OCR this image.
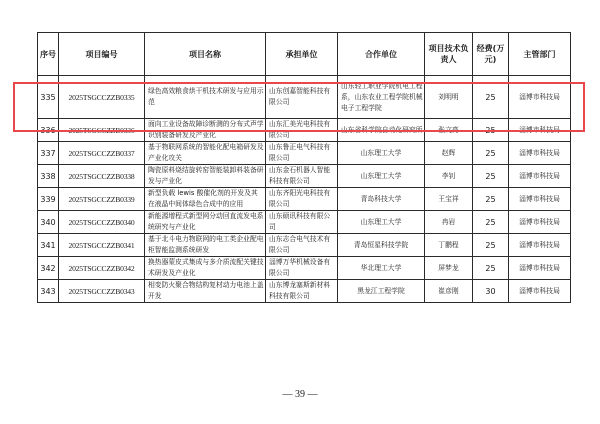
序号	项目编号	项目名称	承担单位	合作单位	项目技术负责人	经费(万元)	主管部门
335	2025TSGCCZZB0335	绿色高效粮食烘干机技术研发与应用示范	山东创嘉智能科技有限公司	山东轻工职业学院机电工程系，山东农业工程学院机械电子工程学院	刘明明	25	淄博市科技局
336	2025TSGCCZZB0336	面向工业设备故障诊断测的分布式声学识别装备研发及产业化	山东汇美光电科技有限公司	山东省科学院自动化研究所	张文亮	25	淄博市科技局
337	2025TSGCCZZB0337	基于物联网系统的智能化配电箱研发及产业化攻关	山东鲁正电气科技有限公司	山东理工大学	赵辉	25	淄博市科技局
338	2025TSGCCZZB0338	陶瓷原料烧结旋转窑智能装卸料装备研发与产业化	山东金石机器人智能科技有限公司	山东理工大学	李钊	25	淄博市科技局
339	2025TSGCCZZB0339	新型负载 lewis 酸催化剂的开发及其在液晶中间体绿色合成中的应用	山东齐阳光电科技有限公司	青岛科技大学	王宝祥	25	淄博市科技局
340	2025TSGCCZZB0340	新能源增程式新型网分动回直流发电系统研究与产业化	山东硕讯科技有限公司	山东理工大学	冉岩	25	淄博市科技局
341	2025TSGCCZZB0341	基于北斗电力物联网的电工类企业配电柜智能监测系统研发	山东志合电气技术有限公司	青岛恒星科技学院	丁鹏程	25	淄博市科技局
342	2025TSGCCZZB0342	换热器蒙皮式集成与多介质流配关键技术研发及产业化	淄博万华机械设备有限公司	华北理工大学	屏梦龙	25	淄博市科技局
343	2025TSGCCZZB0343	相变防火聚合物结构复材动力电池上盖开发	山东博龙塞斯新材料科技有限公司	黑龙江工程学院	崔彦刚	30	淄博市科技局
— 39 —
